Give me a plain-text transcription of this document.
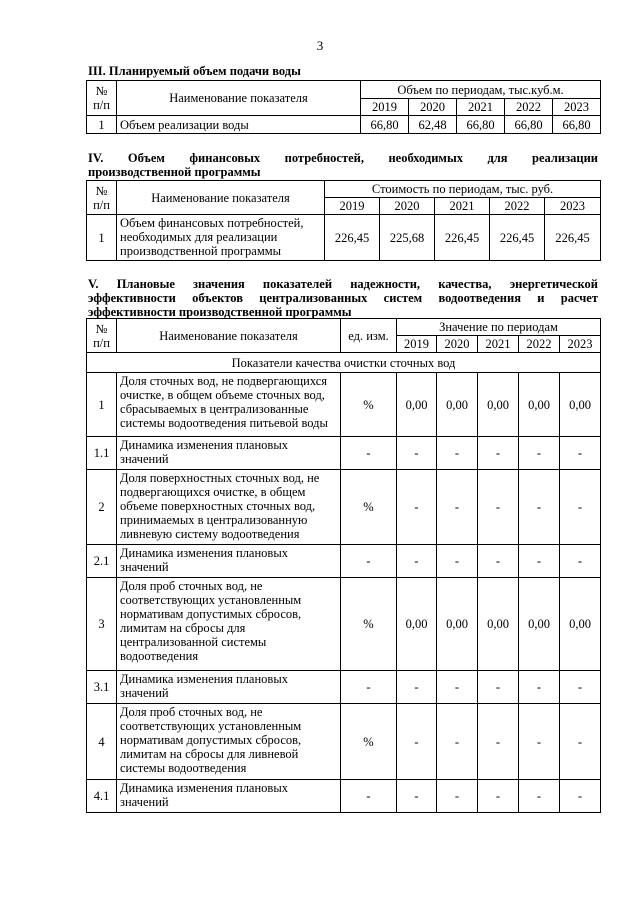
3
III. Планируемый объем подачи воды
№ п/п	Наименование показателя	Объем по периодам, тыс.куб.м.				
		2019	2020	2021	2022	2023
1	Объем реализации воды	66,80	62,48	66,80	66,80	66,80
IV. Объем финансовых потребностей, необходимых для реализации
производственной программы
№ п/п	Наименование показателя	Стоимость по периодам, тыс. руб.				
		2019	2020	2021	2022	2023
1	Объем финансовых потребностей, необходимых для реализации производственной программы	226,45	225,68	226,45	226,45	226,45
V. Плановые значения показателей надежности, качества, энергетической
эффективности объектов централизованных систем водоотведения и расчет
эффективности производственной программы
№ п/п	Наименование показателя	ед. изм.	Значение по периодам				
			2019	2020	2021	2022	2023
Показатели качества очистки сточных вод							
1	Доля сточных вод, не подвергающихся очистке, в общем объеме сточных вод, сбрасываемых в централизованные системы водоотведения питьевой воды	%	0,00	0,00	0,00	0,00	0,00
1.1	Динамика изменения плановых значений	-	-	-	-	-	-
2	Доля поверхностных сточных вод, не подвергающихся очистке, в общем объеме поверхностных сточных вод, принимаемых в централизованную ливневую систему водоотведения	%	-	-	-	-	-
2.1	Динамика изменения плановых значений	-	-	-	-	-	-
3	Доля проб сточных вод, не соответствующих установленным нормативам допустимых сбросов, лимитам на сбросы для централизованной системы водоотведения	%	0,00	0,00	0,00	0,00	0,00
3.1	Динамика изменения плановых значений	-	-	-	-	-	-
4	Доля проб сточных вод, не соответствующих установленным нормативам допустимых сбросов, лимитам на сбросы для ливневой системы водоотведения	%	-	-	-	-	-
4.1	Динамика изменения плановых значений	-	-	-	-	-	-
